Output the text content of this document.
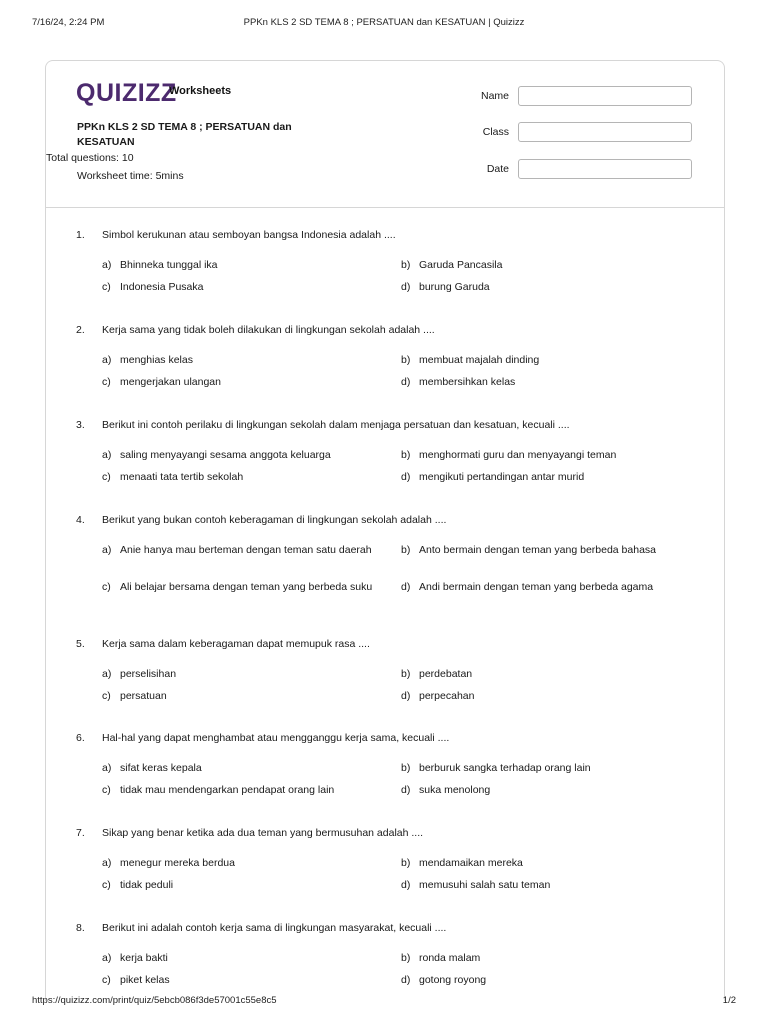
7/16/24, 2:24 PM	PPKn KLS 2 SD TEMA 8 ; PERSATUAN dan KESATUAN | Quizizz
QUIZIZZ
Worksheets
PPKn KLS 2 SD TEMA 8 ; PERSATUAN dan KESATUAN
Total questions: 10
Worksheet time: 5mins
Name
Class
Date
1. Simbol kerukunan atau semboyan bangsa Indonesia adalah ....
a) Bhinneka tunggal ika	b) Garuda Pancasila
c) Indonesia Pusaka	d) burung Garuda
2. Kerja sama yang tidak boleh dilakukan di lingkungan sekolah adalah ....
a) menghias kelas	b) membuat majalah dinding
c) mengerjakan ulangan	d) membersihkan kelas
3. Berikut ini contoh perilaku di lingkungan sekolah dalam menjaga persatuan dan kesatuan, kecuali ....
a) saling menyayangi sesama anggota keluarga	b) menghormati guru dan menyayangi teman
c) menaati tata tertib sekolah	d) mengikuti pertandingan antar murid
4. Berikut yang bukan contoh keberagaman di lingkungan sekolah adalah ....
a) Anie hanya mau berteman dengan teman satu daerah	b) Anto bermain dengan teman yang berbeda bahasa
c) Ali belajar bersama dengan teman yang berbeda suku	d) Andi bermain dengan teman yang berbeda agama
5. Kerja sama dalam keberagaman dapat memupuk rasa ....
a) perselisihan	b) perdebatan
c) persatuan	d) perpecahan
6. Hal-hal yang dapat menghambat atau mengganggu kerja sama, kecuali ....
a) sifat keras kepala	b) berburuk sangka terhadap orang lain
c) tidak mau mendengarkan pendapat orang lain	d) suka menolong
7. Sikap yang benar ketika ada dua teman yang bermusuhan adalah ....
a) menegur mereka berdua	b) mendamaikan mereka
c) tidak peduli	d) memusuhi salah satu teman
8. Berikut ini adalah contoh kerja sama di lingkungan masyarakat, kecuali ....
a) kerja bakti	b) ronda malam
c) piket kelas	d) gotong royong
https://quizizz.com/print/quiz/5ebcb086f3de57001c55e8c5	1/2
